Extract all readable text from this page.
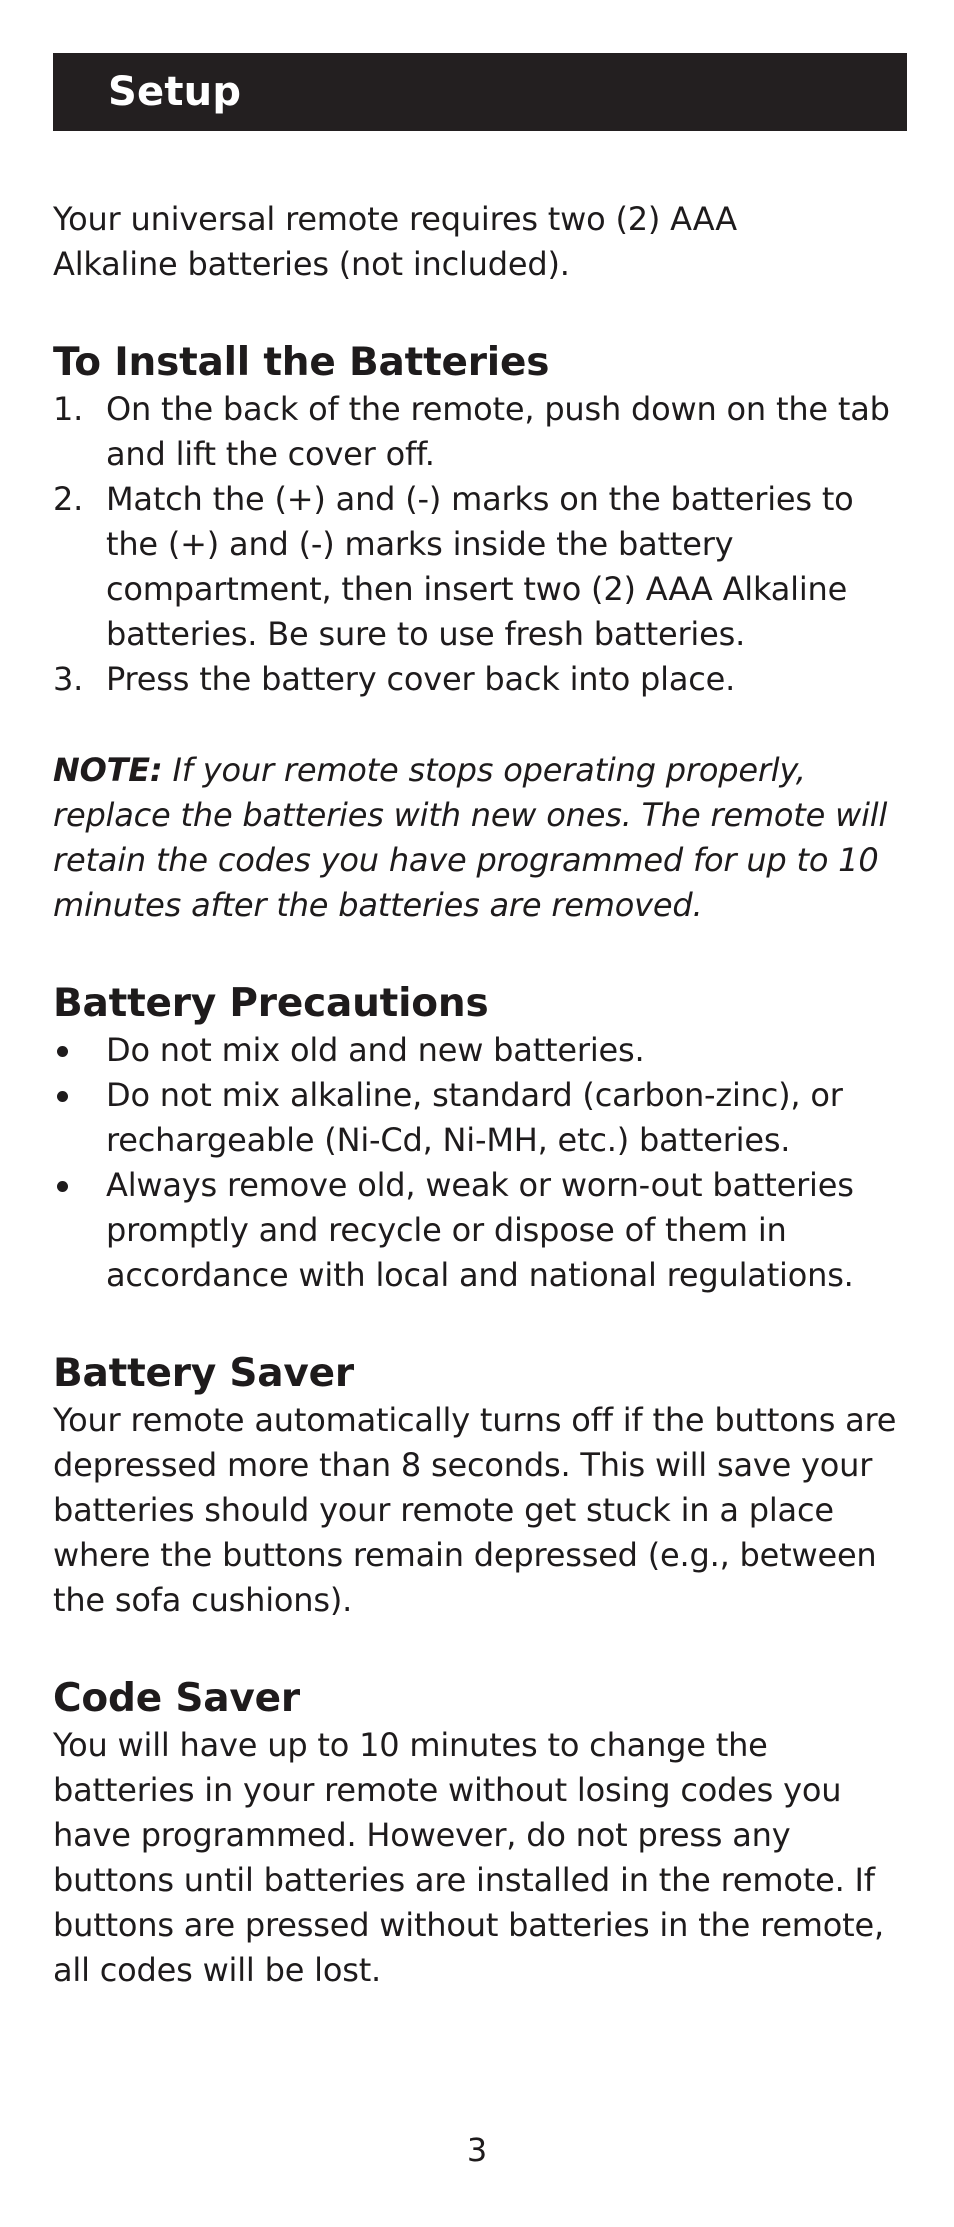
Setup

Your universal remote requires two (2) AAA Alkaline batteries (not included).

To Install the Batteries
1. On the back of the remote, push down on the tab and lift the cover off.
2. Match the (+) and (-) marks on the batteries to the (+) and (-) marks inside the battery compartment, then insert two (2) AAA Alkaline batteries. Be sure to use fresh batteries.
3. Press the battery cover back into place.

NOTE: If your remote stops operating properly, replace the batteries with new ones. The remote will retain the codes you have programmed for up to 10 minutes after the batteries are removed.

Battery Precautions
Do not mix old and new batteries.
Do not mix alkaline, standard (carbon-zinc), or rechargeable (Ni-Cd, Ni-MH, etc.) batteries.
Always remove old, weak or worn-out batteries promptly and recycle or dispose of them in accordance with local and national regulations.
Battery Saver

Your remote automatically turns off if the buttons are depressed more than 8 seconds. This will save your batteries should your remote get stuck in a place where the buttons remain depressed (e.g., between the sofa cushions).

Code Saver

You will have up to 10 minutes to change the batteries in your remote without losing codes you have programmed. However, do not press any buttons until batteries are installed in the remote. If buttons are pressed without batteries in the remote, all codes will be lost.

3
